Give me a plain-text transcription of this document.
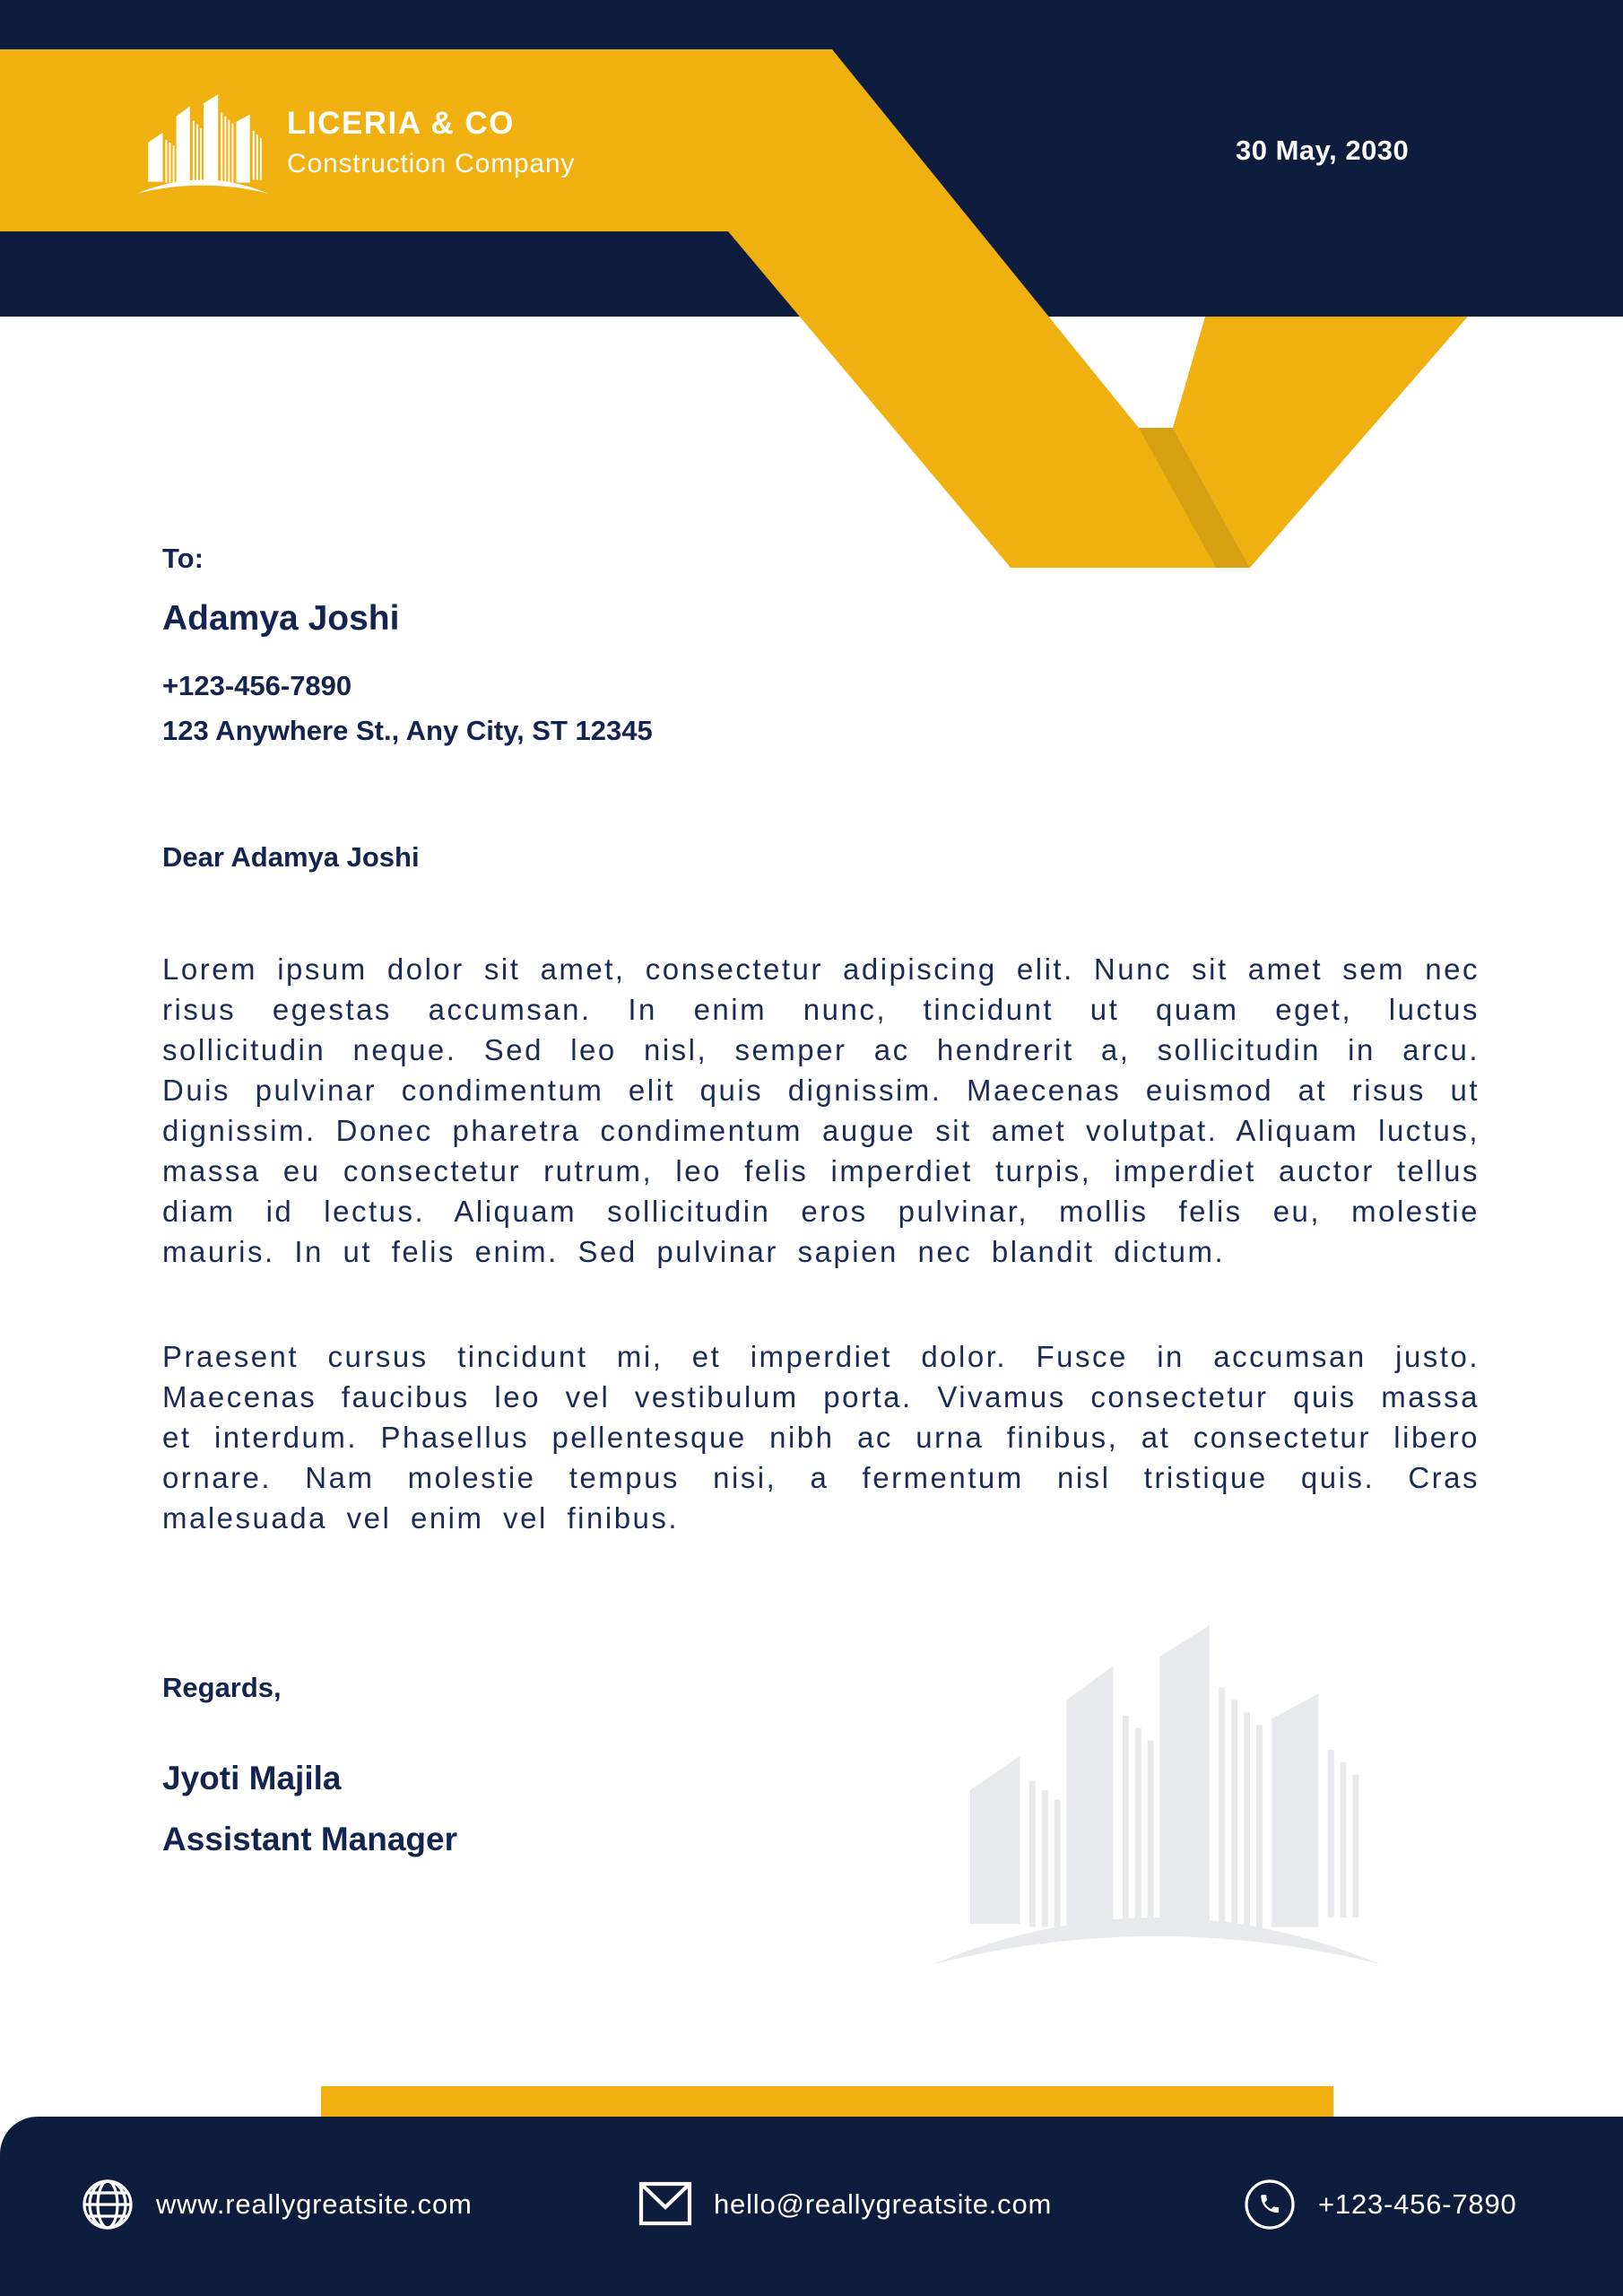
LICERIA & CO
Construction Company	30 May, 2030
To:
Adamya Joshi
+123-456-7890
123 Anywhere St., Any City, ST 12345
Dear Adamya Joshi

Lorem ipsum dolor sit amet, consectetur adipiscing elit. Nunc sit amet sem nec risus egestas accumsan. In enim nunc, tincidunt ut quam eget, luctus sollicitudin neque. Sed leo nisl, semper ac hendrerit a, sollicitudin in arcu. Duis pulvinar condimentum elit quis dignissim. Maecenas euismod at risus ut dignissim. Donec pharetra condimentum augue sit amet volutpat. Aliquam luctus, massa eu consectetur rutrum, leo felis imperdiet turpis, imperdiet auctor tellus diam id lectus. Aliquam sollicitudin eros pulvinar, mollis felis eu, molestie mauris. In ut felis enim. Sed pulvinar sapien nec blandit dictum.

Praesent cursus tincidunt mi, et imperdiet dolor. Fusce in accumsan justo. Maecenas faucibus leo vel vestibulum porta. Vivamus consectetur quis massa et interdum. Phasellus pellentesque nibh ac urna finibus, at consectetur libero ornare. Nam molestie tempus nisi, a fermentum nisl tristique quis. Cras malesuada vel enim vel finibus.

Regards,
Jyoti Majila
Assistant Manager
www.reallygreatsite.com	hello@reallygreatsite.com	+123-456-7890
